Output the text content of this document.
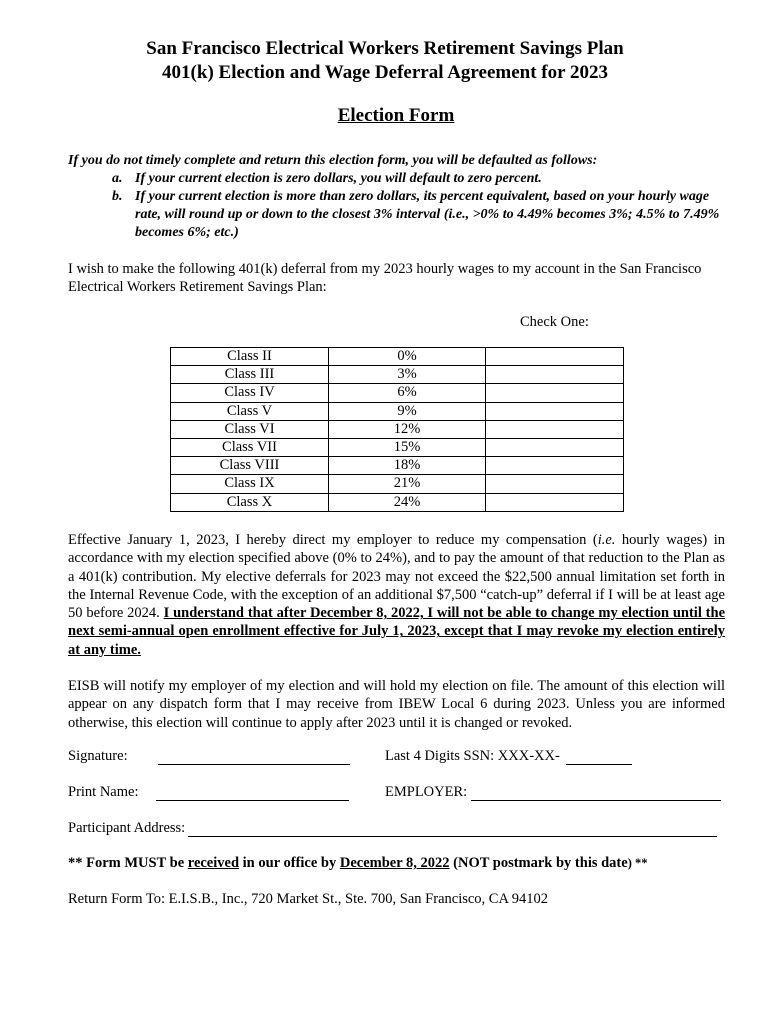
San Francisco Electrical Workers Retirement Savings Plan
401(k) Election and Wage Deferral Agreement for 2023
Election Form
If you do not timely complete and return this election form, you will be defaulted as follows:
a. If your current election is zero dollars, you will default to zero percent.
b. If your current election is more than zero dollars, its percent equivalent, based on your hourly wage rate, will round up or down to the closest 3% interval (i.e., >0% to 4.49% becomes 3%; 4.5% to 7.49% becomes 6%; etc.)
I wish to make the following 401(k) deferral from my 2023 hourly wages to my account in the San Francisco Electrical Workers Retirement Savings Plan:
Check One:
Class II	0%	
Class III	3%	
Class IV	6%	
Class V	9%	
Class VI	12%	
Class VII	15%	
Class VIII	18%	
Class IX	21%	
Class X	24%	
Effective January 1, 2023, I hereby direct my employer to reduce my compensation (i.e. hourly wages) in accordance with my election specified above (0% to 24%), and to pay the amount of that reduction to the Plan as a 401(k) contribution. My elective deferrals for 2023 may not exceed the $22,500 annual limitation set forth in the Internal Revenue Code, with the exception of an additional $7,500 “catch-up” deferral if I will be at least age 50 before 2024. I understand that after December 8, 2022, I will not be able to change my election until the next semi-annual open enrollment effective for July 1, 2023, except that I may revoke my election entirely at any time.
EISB will notify my employer of my election and will hold my election on file. The amount of this election will appear on any dispatch form that I may receive from IBEW Local 6 during 2023. Unless you are informed otherwise, this election will continue to apply after 2023 until it is changed or revoked.
Signature:	Last 4 Digits SSN: XXX-XX-
Print Name:	EMPLOYER:
Participant Address:
** Form MUST be received in our office by December 8, 2022 (NOT postmark by this date) **
Return Form To: E.I.S.B., Inc., 720 Market St., Ste. 700, San Francisco, CA 94102
